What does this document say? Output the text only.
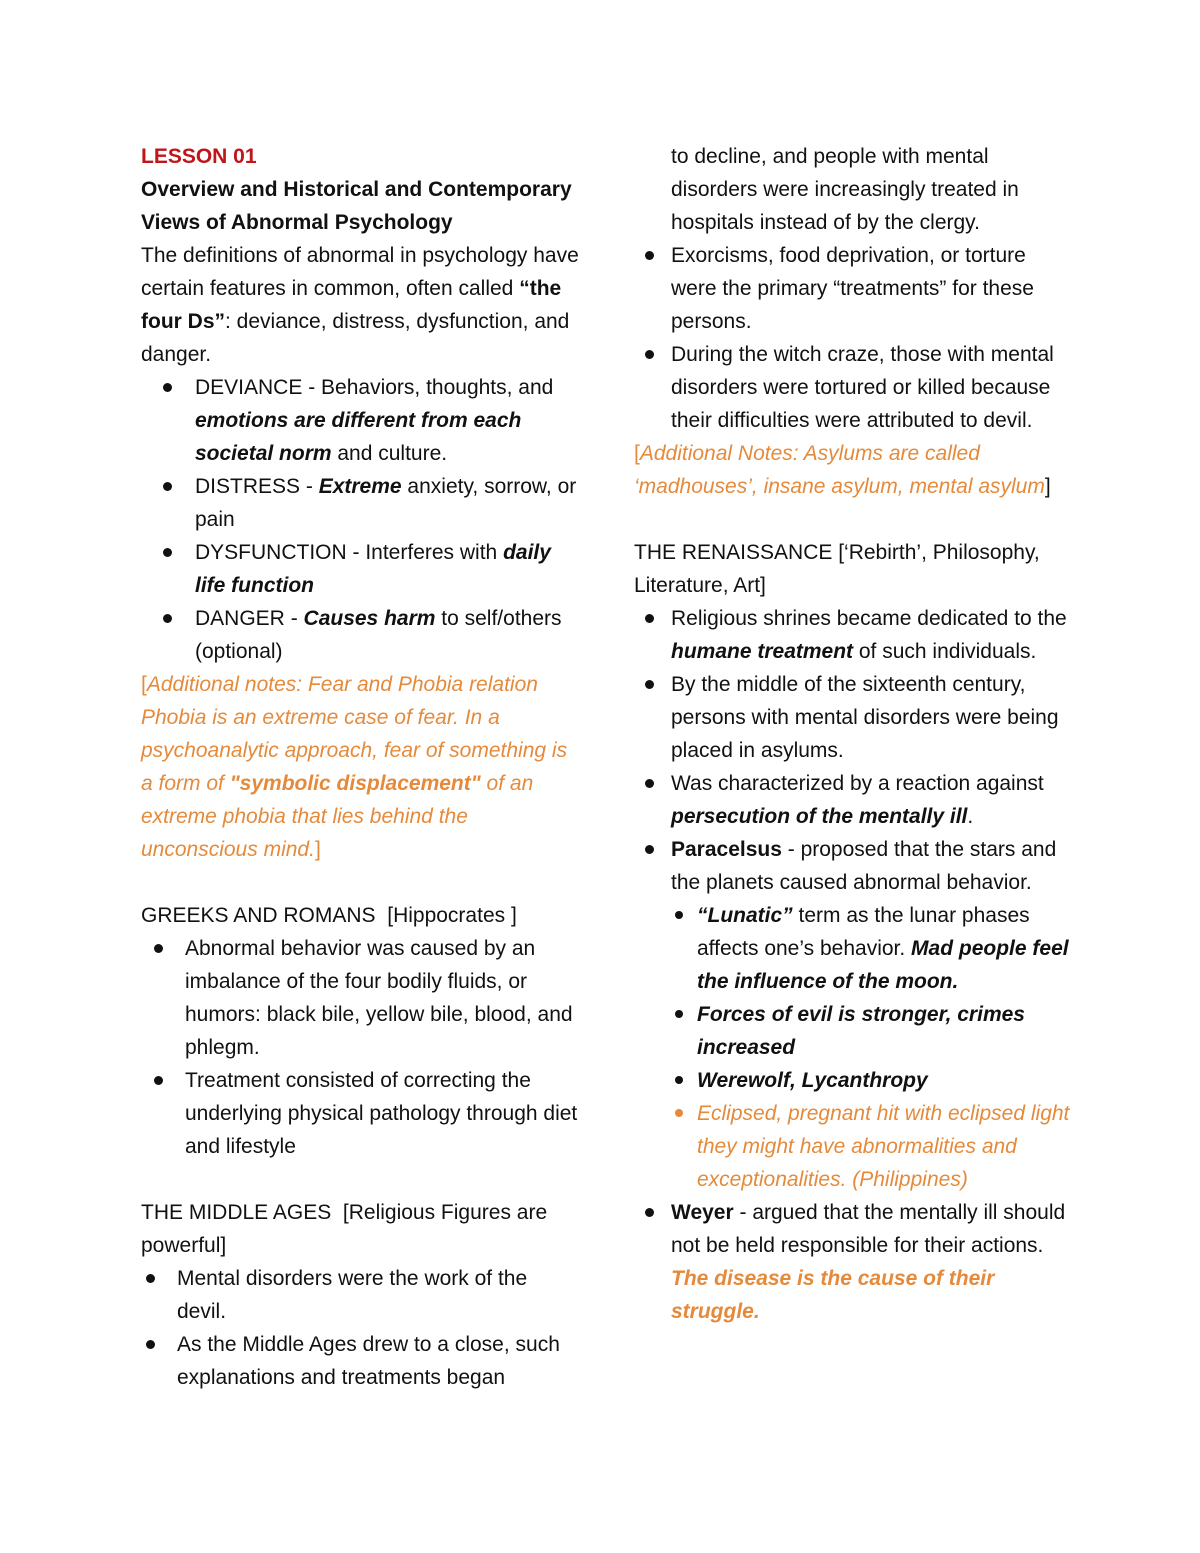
LESSON 01

Overview and Historical and Contemporary
Views of Abnormal Psychology

The definitions of abnormal in psychology have certain features in common, often called “the four Ds”: deviance, distress, dysfunction, and danger.

DEVIANCE - Behaviors, thoughts, and emotions are different from each societal norm and culture.
DISTRESS - Extreme anxiety, sorrow, or pain
DYSFUNCTION - Interferes with daily life function
DANGER - Causes harm to self/others (optional)

[Additional notes: Fear and Phobia relation Phobia is an extreme case of fear. In a psychoanalytic approach, fear of something is a form of "symbolic displacement" of an extreme phobia that lies behind the unconscious mind.]

GREEKS AND ROMANS  [Hippocrates ]

Abnormal behavior was caused by an imbalance of the four bodily fluids, or humors: black bile, yellow bile, blood, and phlegm.
Treatment consisted of correcting the underlying physical pathology through diet and lifestyle

THE MIDDLE AGES  [Religious Figures are powerful]

Mental disorders were the work of the devil.
As the Middle Ages drew to a close, such explanations and treatments began
to decline, and people with mental disorders were increasingly treated in hospitals instead of by the clergy.
Exorcisms, food deprivation, or torture were the primary “treatments” for these persons.
During the witch craze, those with mental disorders were tortured or killed because their difficulties were attributed to devil.

[Additional Notes: Asylums are called ‘madhouses’, insane asylum, mental asylum]

THE RENAISSANCE [‘Rebirth’, Philosophy, Literature, Art]

Religious shrines became dedicated to the humane treatment of such individuals.
By the middle of the sixteenth century, persons with mental disorders were being placed in asylums.
Was characterized by a reaction against persecution of the mentally ill.
Paracelsus - proposed that the stars and the planets caused abnormal behavior.
“Lunatic” term as the lunar phases affects one’s behavior. Mad people feel the influence of the moon.
Forces of evil is stronger, crimes increased
Werewolf, Lycanthropy
Eclipsed, pregnant hit with eclipsed light they might have abnormalities and exceptionalities. (Philippines)
Weyer - argued that the mentally ill should not be held responsible for their actions.  The disease is the cause of their struggle.
